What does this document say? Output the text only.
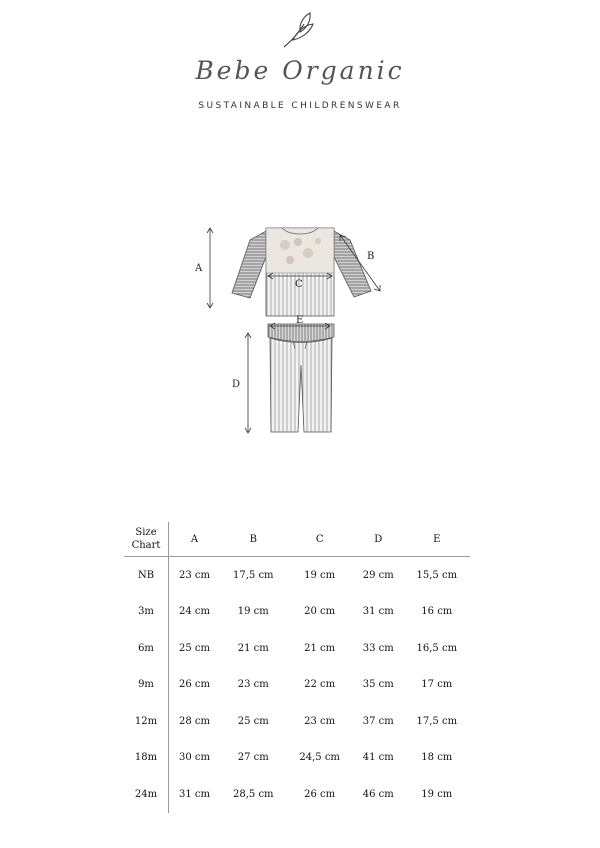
Bebe Organic
SUSTAINABLE CHILDRENSWEAR
A
B
C
D
E
Size
Chart	A	B	C	D	E
NB	23 cm	17,5 cm	19 cm	29 cm	15,5 cm
3m	24 cm	19 cm	20 cm	31 cm	16 cm
6m	25 cm	21 cm	21 cm	33 cm	16,5 cm
9m	26 cm	23 cm	22 cm	35 cm	17 cm
12m	28 cm	25 cm	23 cm	37 cm	17,5 cm
18m	30 cm	27 cm	24,5 cm	41 cm	18 cm
24m	31 cm	28,5 cm	26 cm	46 cm	19 cm
